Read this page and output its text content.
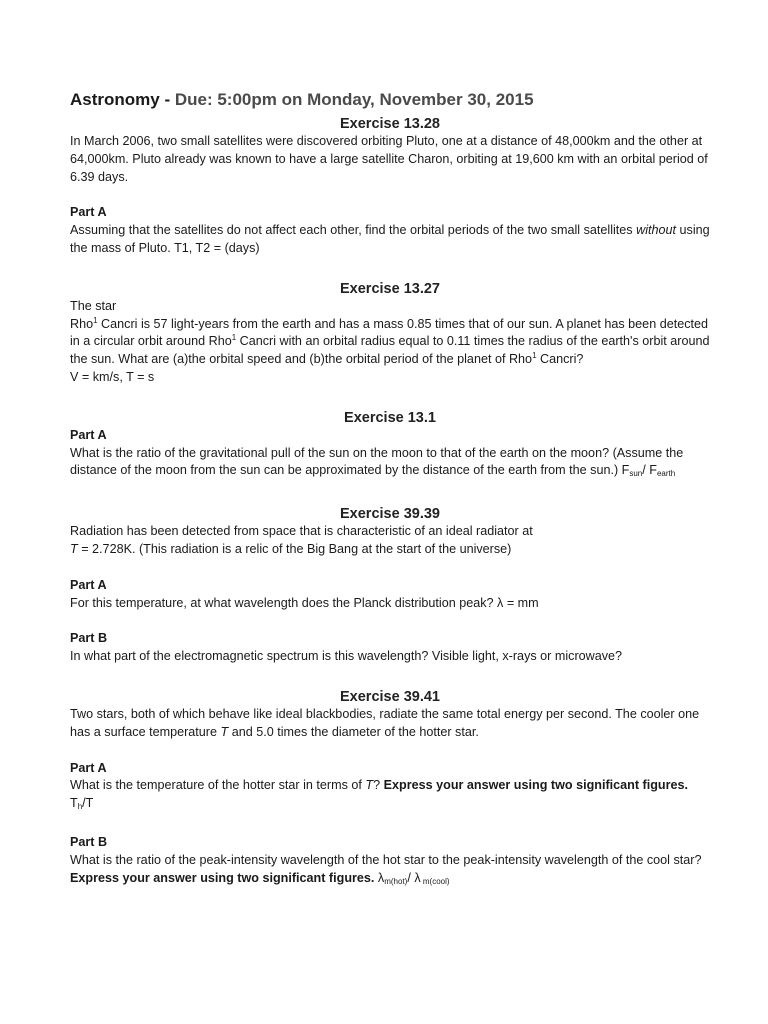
Astronomy - Due: 5:00pm on Monday, November 30, 2015
Exercise 13.28

In March 2006, two small satellites were discovered orbiting Pluto, one at a distance of 48,000km and the other at 64,000km. Pluto already was known to have a large satellite Charon, orbiting at 19,600 km with an orbital period of 6.39 days.

Part A

Assuming that the satellites do not affect each other, find the orbital periods of the two small satellites without using the mass of Pluto. T1, T2 = (days)

Exercise 13.27

The star

Rho$^1$ Cancri is 57 light-years from the earth and has a mass 0.85 times that of our sun. A planet has been detected in a circular orbit around Rho$^1$ Cancri with an orbital radius equal to 0.11 times the radius of the earth's orbit around the sun. What are (a)the orbital speed and (b)the orbital period of the planet of Rho$^1$ Cancri?

V = km/s, T = s

Exercise 13.1
Part A

What is the ratio of the gravitational pull of the sun on the moon to that of the earth on the moon? (Assume the distance of the moon from the sun can be approximated by the distance of the earth from the sun.) Fsun/ Fearth

Exercise 39.39

Radiation has been detected from space that is characteristic of an ideal radiator at
T = 2.728K. (This radiation is a relic of the Big Bang at the start of the universe)

Part A

For this temperature, at what wavelength does the Planck distribution peak? λ = mm

Part B

In what part of the electromagnetic spectrum is this wavelength? Visible light, x-rays or microwave?

Exercise 39.41

Two stars, both of which behave like ideal blackbodies, radiate the same total energy per second. The cooler one has a surface temperature T and 5.0 times the diameter of the hotter star.

Part A

What is the temperature of the hotter star in terms of T? Express your answer using two significant figures. Th/T

Part B

What is the ratio of the peak-intensity wavelength of the hot star to the peak-intensity wavelength of the cool star? Express your answer using two significant figures. λm(hot)/ λ m(cool)
